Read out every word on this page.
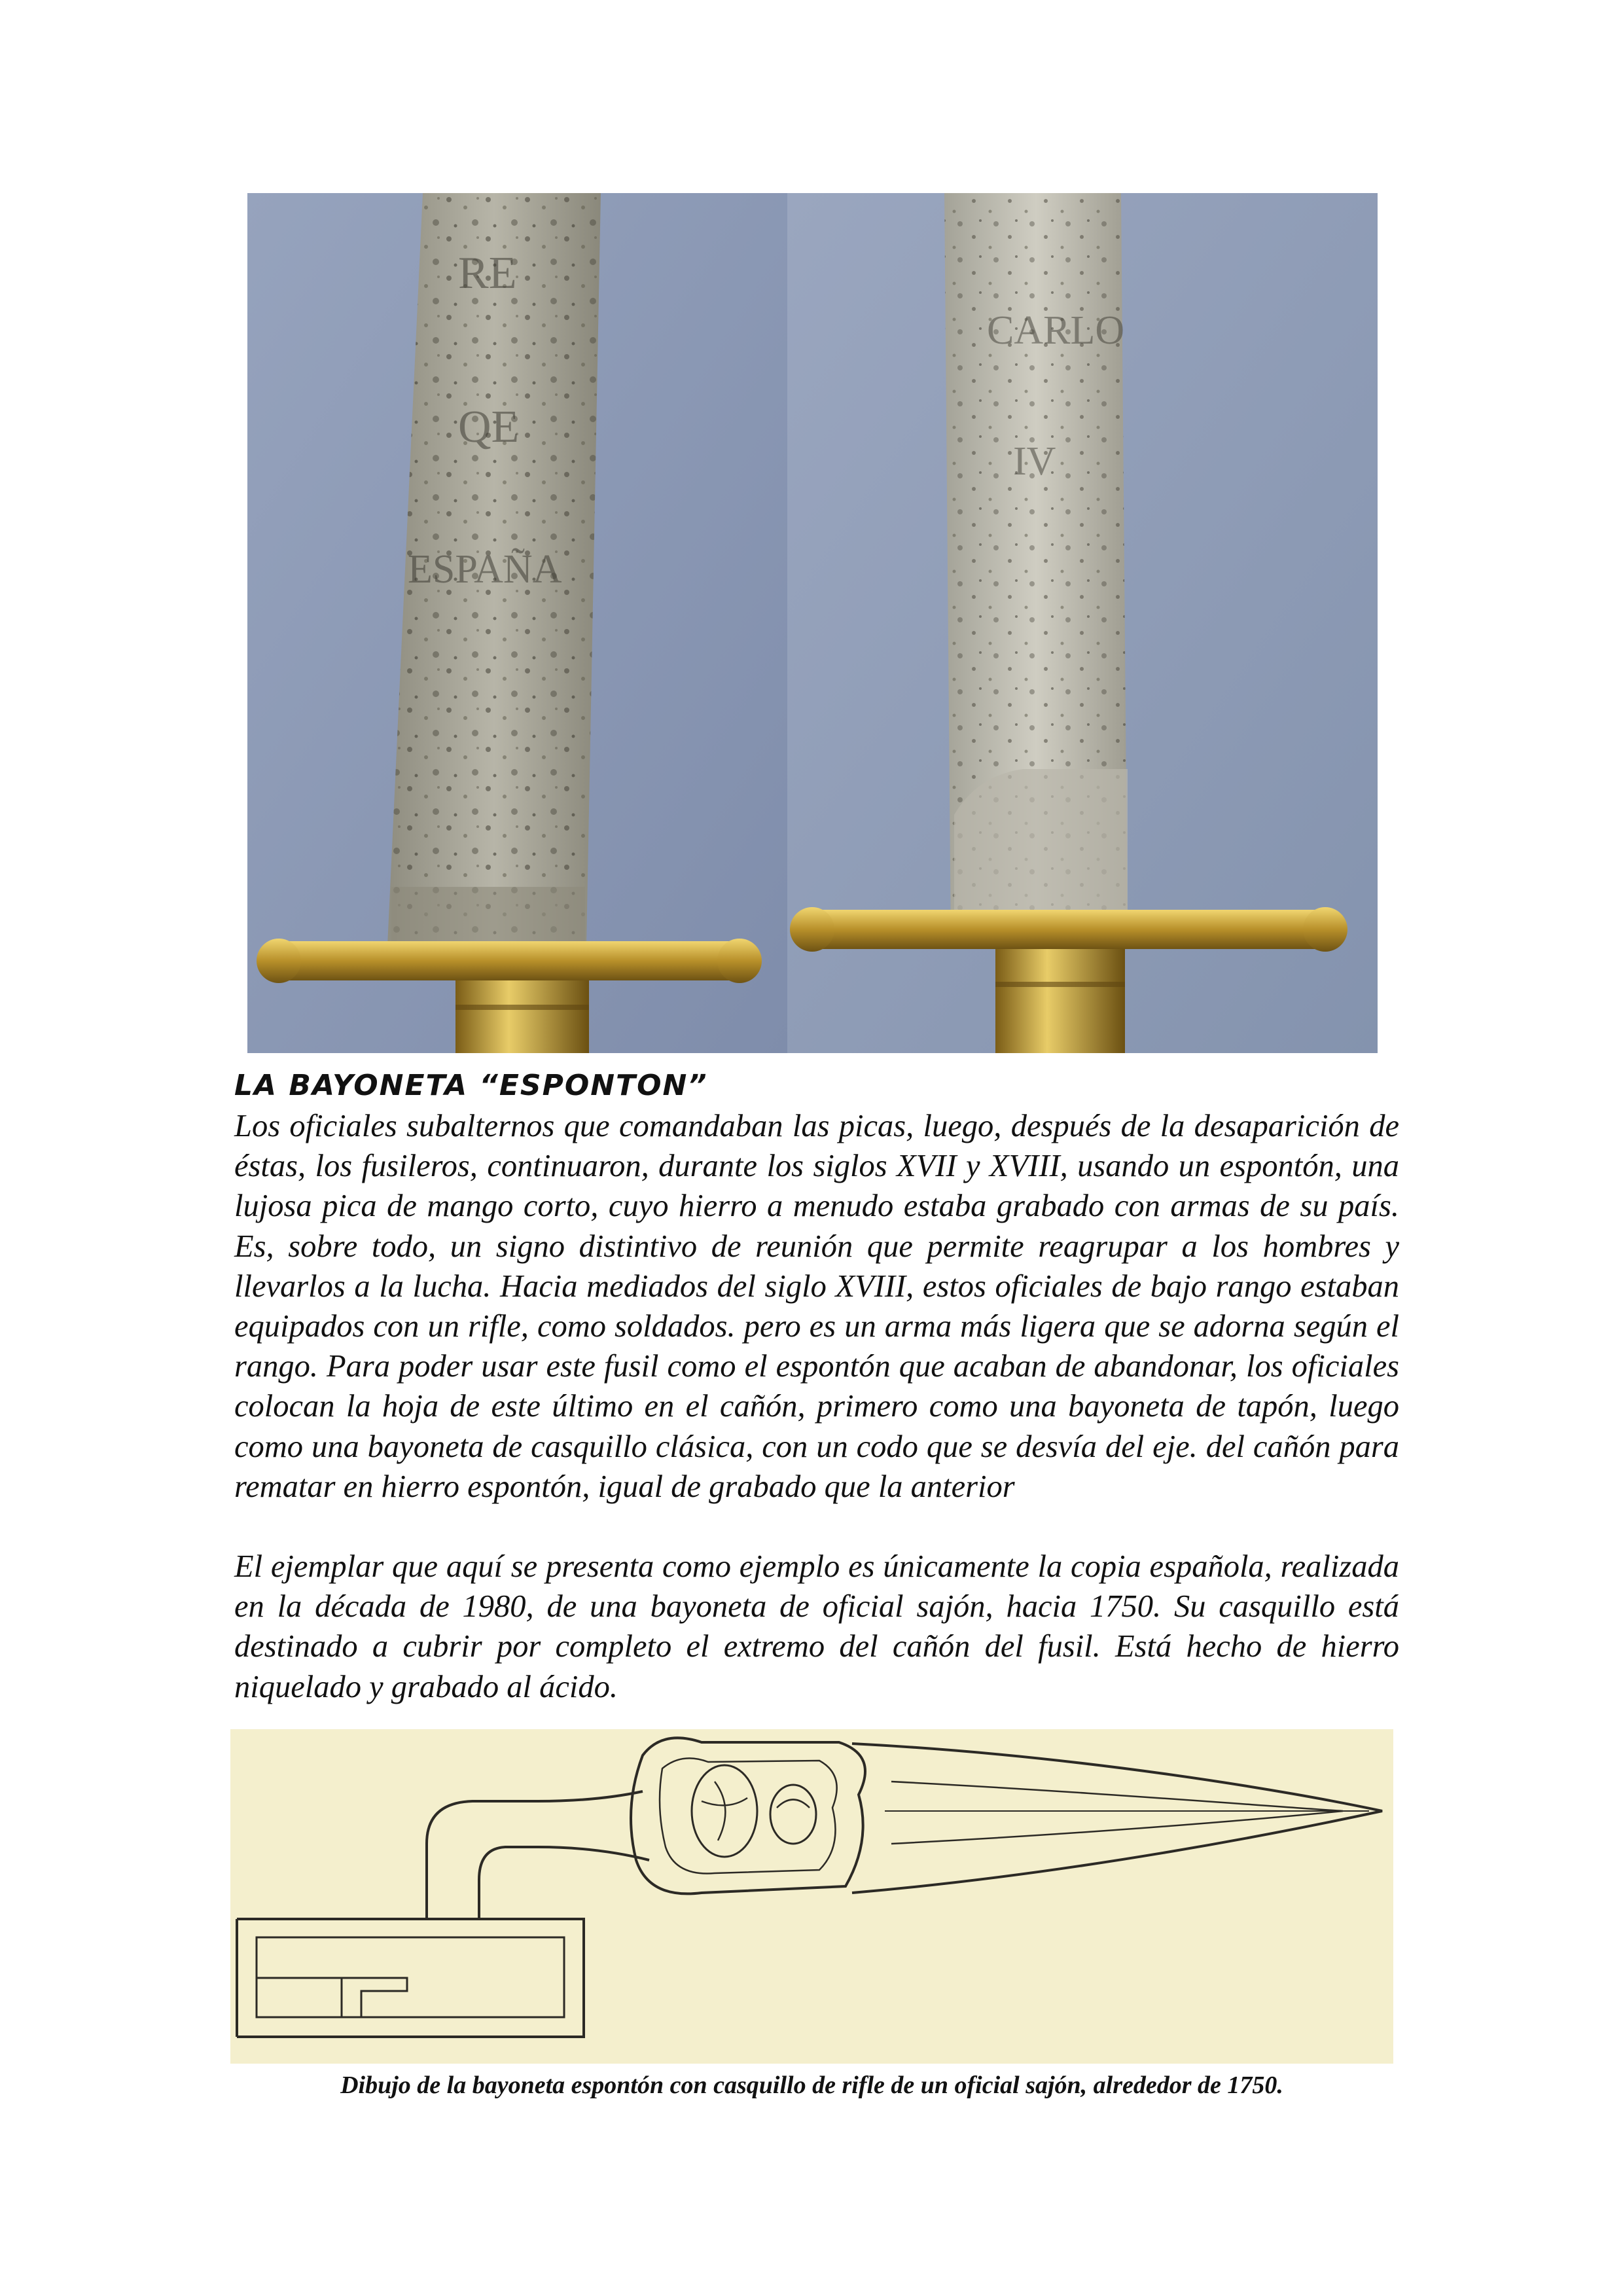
RE
QE
ESPAÑA
CARLO
IV
LA BAYONETA “ESPONTON”

Los oficiales subalternos que comandaban las picas, luego, después de la desaparición de éstas, los fusileros, continuaron, durante los siglos XVII y XVIII, usando un espontón, una lujosa pica de mango corto, cuyo hierro a menudo estaba grabado con armas de su país. Es, sobre todo, un signo distintivo de reunión que permite reagrupar a los hombres y llevarlos a la lucha. Hacia mediados del siglo XVIII, estos oficiales de bajo rango estaban equipados con un rifle, como soldados. pero es un arma más ligera que se adorna según el rango. Para poder usar este fusil como el espontón que acaban de abandonar, los oficiales colocan la hoja de este último en el cañón, primero como una bayoneta de tapón, luego como una bayoneta de casquillo clásica, con un codo que se desvía del eje. del cañón para rematar en hierro espontón, igual de grabado que la anterior

El ejemplar que aquí se presenta como ejemplo es únicamente la copia española, realizada en la década de 1980, de una bayoneta de oficial sajón, hacia 1750. Su casquillo está destinado a cubrir por completo el extremo del cañón del fusil. Está hecho de hierro niquelado y grabado al ácido.

Dibujo de la bayoneta espontón con casquillo de rifle de un oficial sajón, alrededor de 1750.
